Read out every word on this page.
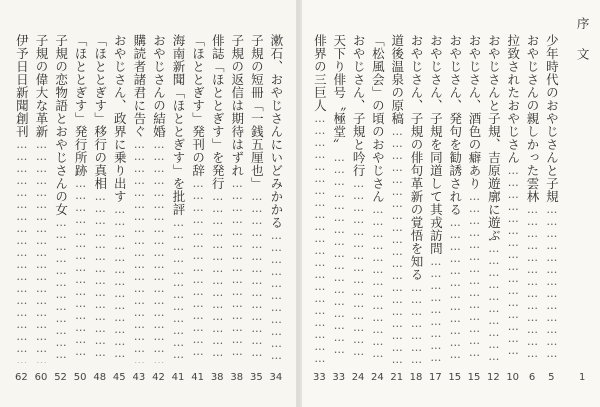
序文
1
少年時代のおやじさんと子規 …………………………………………………………………………………………………………
5
おやじさんの親しかった雲林 …………………………………………………………………………………………………………
6
拉致されたおやじさん …………………………………………………………………………………………………………
10
おやじさんと子規、吉原遊廓に遊ぶ …………………………………………………………………………………………………………
12
おやじさん、酒色の癖あり …………………………………………………………………………………………………………
15
おやじさん、発句を勧誘される …………………………………………………………………………………………………………
15
おやじさん、子規を同道して其戎訪問 …………………………………………………………………………………………………………
17
おやじさん、子規の俳句革新の覚悟を知る …………………………………………………………………………………………………………
18
道後温泉の原稿 …………………………………………………………………………………………………………
21
「松風会」の頃のおやじさん …………………………………………………………………………………………………………
24
おやじさん、子規と吟行 …………………………………………………………………………………………………………
24
天下り俳号〝極堂〟 …………………………………………………………………………………………………………
33
俳界の三巨人 …………………………………………………………………………………………………………
33
漱石、おやじさんにいどみかかる …………………………………………………………………………………………………………
34
子規の短冊「一銭五厘也」 …………………………………………………………………………………………………………
35
子規の返信は期待はずれ …………………………………………………………………………………………………………
38
俳誌「ほととぎす」を発行 …………………………………………………………………………………………………………
38
「ほととぎす」発刊の辞 …………………………………………………………………………………………………………
41
海南新聞「ほととぎす」を批評 …………………………………………………………………………………………………………
41
おやじさんの結婚 …………………………………………………………………………………………………………
42
購読者諸君に告ぐ …………………………………………………………………………………………………………
43
おやじさん、政界に乗り出す …………………………………………………………………………………………………………
45
「ほととぎす」移行の真相 …………………………………………………………………………………………………………
48
「ほととぎす」発行所跡 …………………………………………………………………………………………………………
50
子規の恋物語とおやじさんの女 …………………………………………………………………………………………………………
52
子規の偉大な革新 …………………………………………………………………………………………………………
60
伊予日日新聞創刊 …………………………………………………………………………………………………………
62
